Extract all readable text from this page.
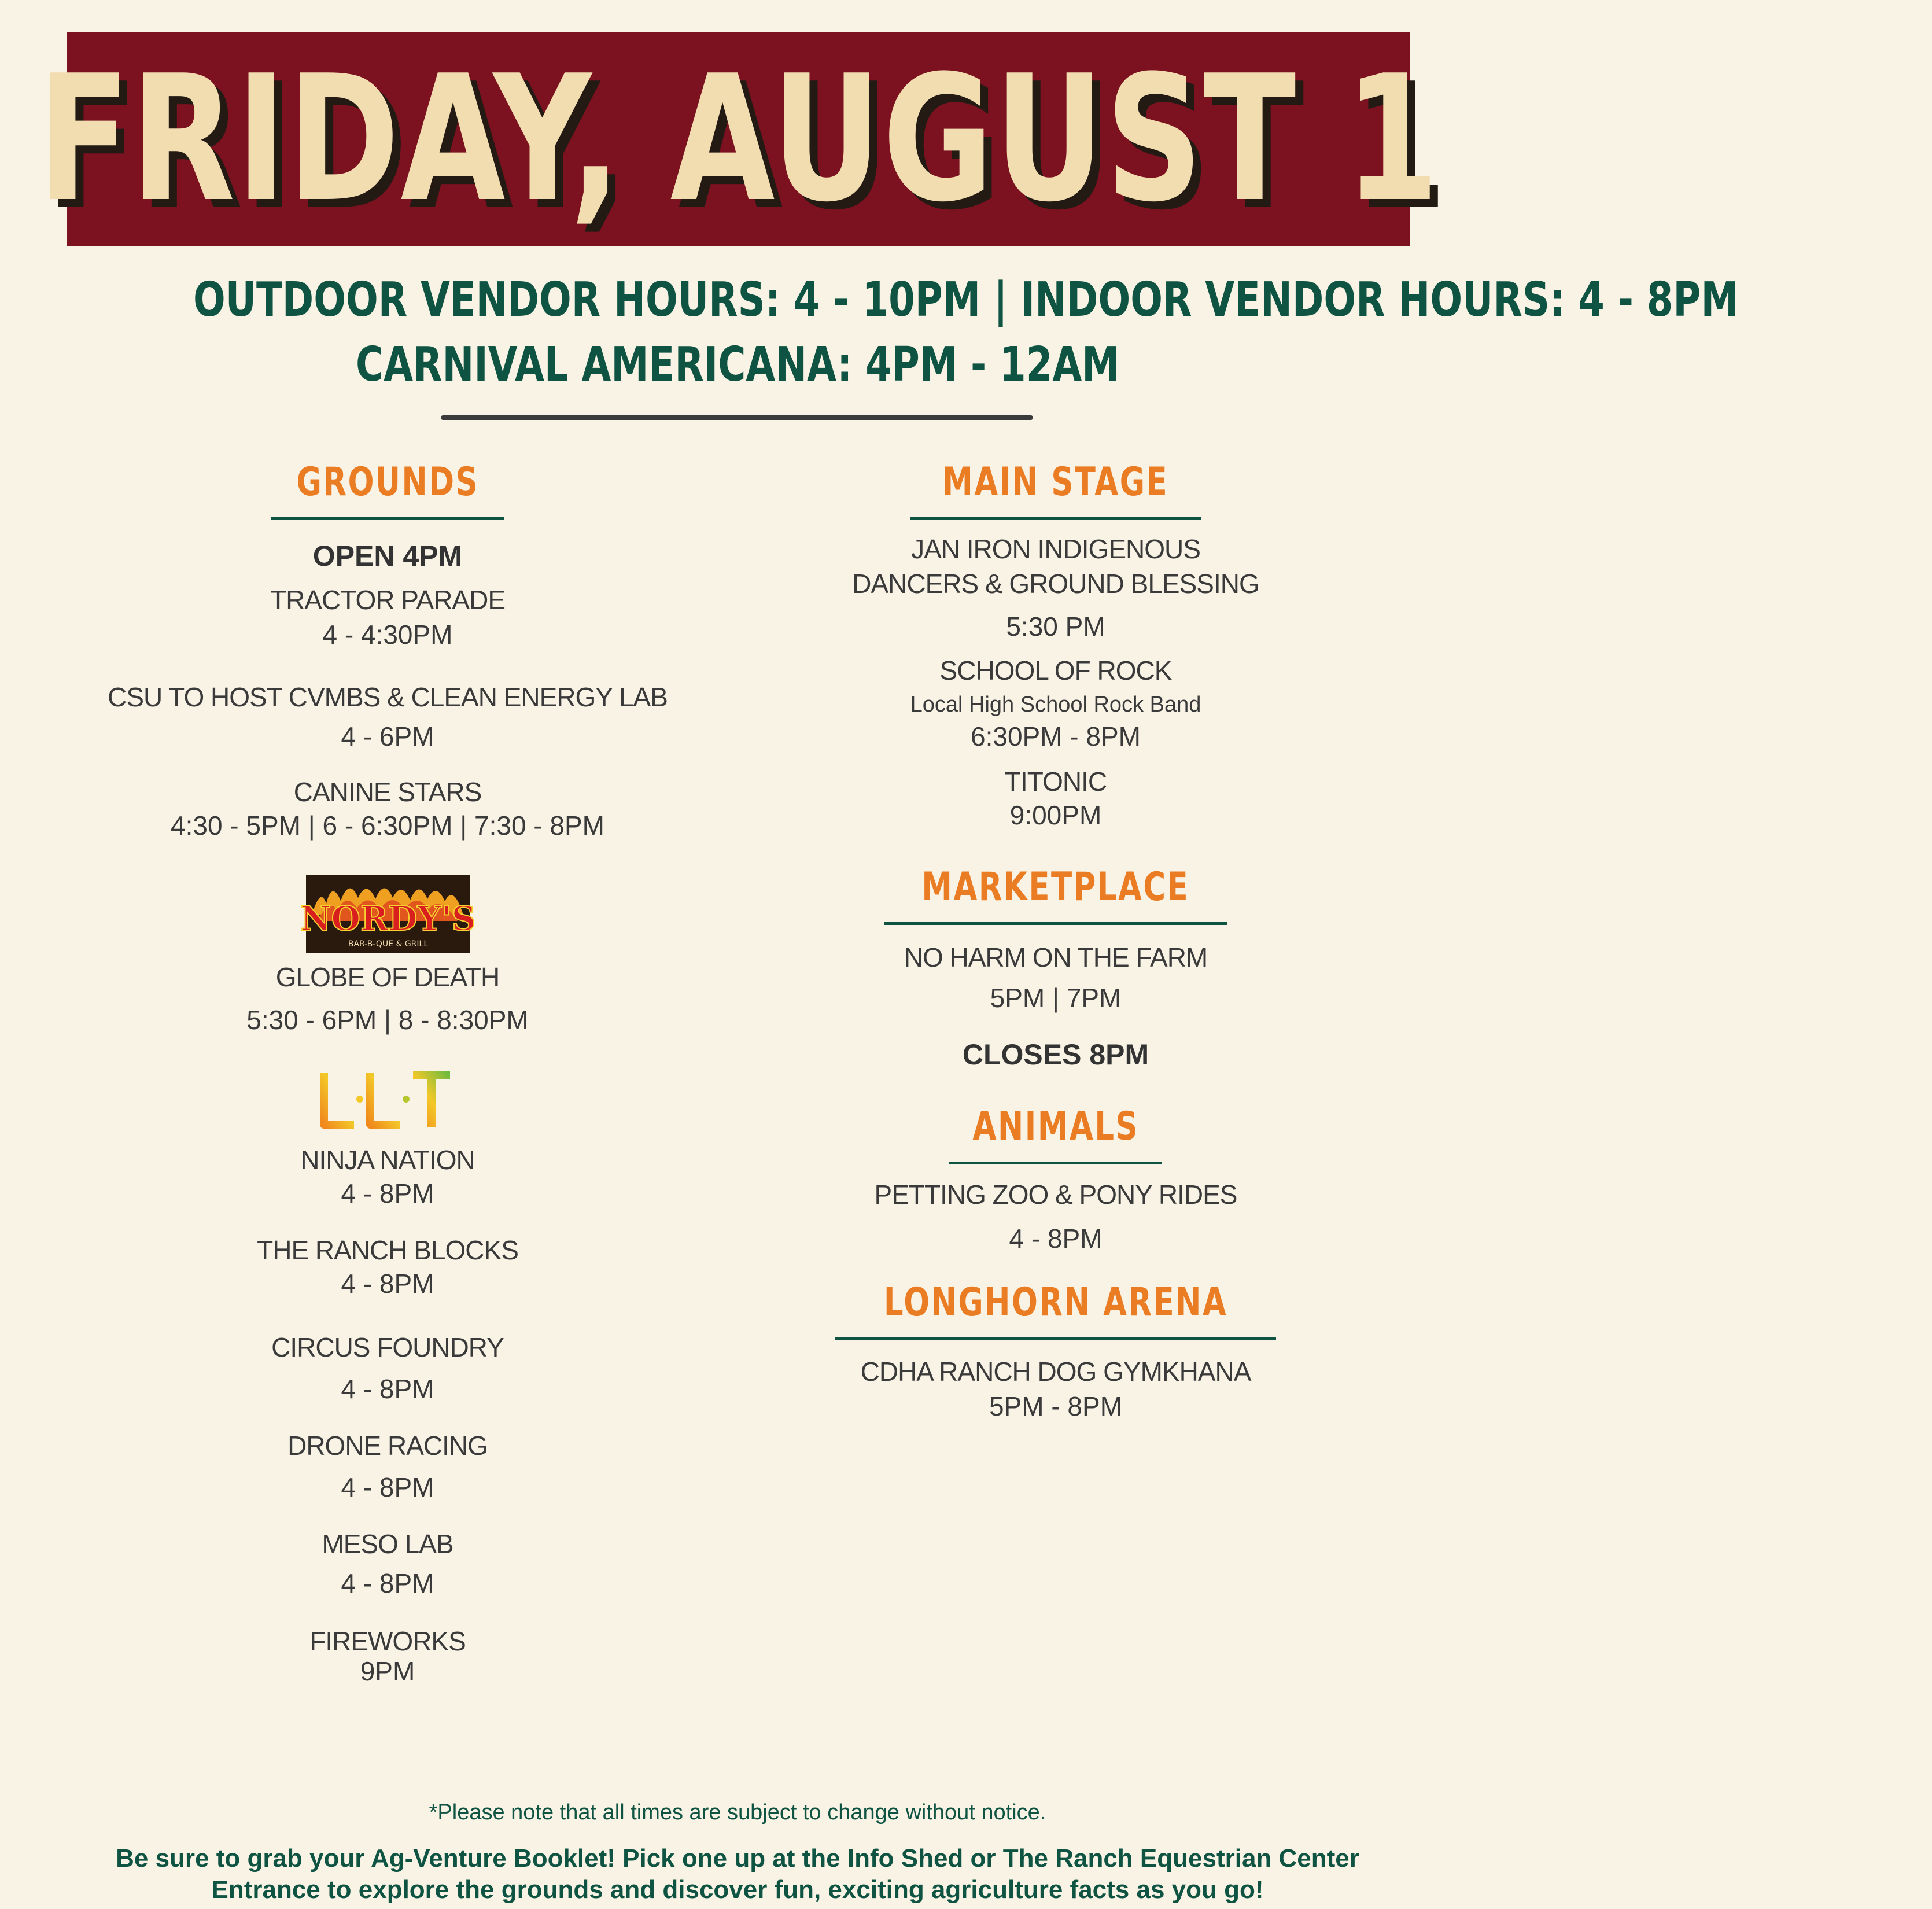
FRIDAY, AUGUST 1
OUTDOOR VENDOR HOURS: 4 - 10PM | INDOOR VENDOR HOURS: 4 - 8PM
CARNIVAL AMERICANA: 4PM - 12AM
GROUNDS
OPEN 4PM
TRACTOR PARADE
4 - 4:30PM
CSU TO HOST CVMBS & CLEAN ENERGY LAB
4 - 6PM
CANINE STARS
4:30 - 5PM | 6 - 6:30PM | 7:30 - 8PM
NORDY'S
BAR-B-QUE & GRILL
GLOBE OF DEATH
5:30 - 6PM | 8 - 8:30PM
L.L.T
NINJA NATION
4 - 8PM
THE RANCH BLOCKS
4 - 8PM
CIRCUS FOUNDRY
4 - 8PM
DRONE RACING
4 - 8PM
MESO LAB
4 - 8PM
FIREWORKS
9PM
MAIN STAGE
JAN IRON INDIGENOUS
DANCERS & GROUND BLESSING
5:30 PM
SCHOOL OF ROCK
Local High School Rock Band
6:30PM - 8PM
TITONIC
9:00PM
MARKETPLACE
NO HARM ON THE FARM
5PM | 7PM
CLOSES 8PM
ANIMALS
PETTING ZOO & PONY RIDES
4 - 8PM
LONGHORN ARENA
CDHA RANCH DOG GYMKHANA
5PM - 8PM
*Please note that all times are subject to change without notice.
Be sure to grab your Ag-Venture Booklet! Pick one up at the Info Shed or The Ranch Equestrian Center
Entrance to explore the grounds and discover fun, exciting agriculture facts as you go!
